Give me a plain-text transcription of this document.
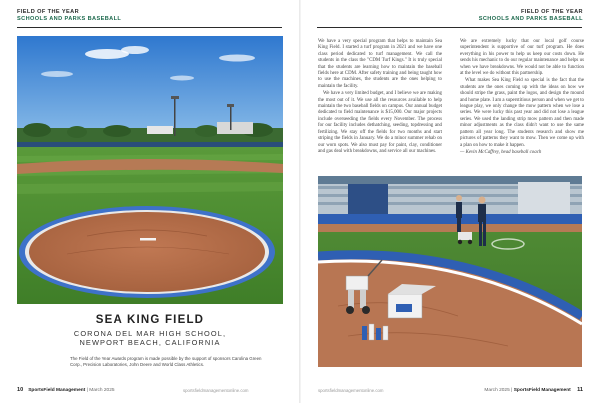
FIELD OF THE YEAR
SCHOOLS AND PARKS BASEBALL
SEA KING FIELD
CORONA DEL MAR HIGH SCHOOL,
NEWPORT BEACH, CALIFORNIA
The Field of the Year Awards program is made possible by the support of sponsors Carolina Green Corp., Precision Laboratories, John Deere and World Class Athletics.
10 SportsField Management | March 2025	sportsfieldmanagementonline.com
FIELD OF THE YEAR
SCHOOLS AND PARKS BASEBALL

We have a very special program that helps to maintain Sea King Field. I started a turf program in 2021 and we have one class period dedicated to turf management. We call the students in the class the "CDM Turf Kings." It is truly special that the students are learning how to maintain the baseball fields here at CDM. After safety training and being taught how to use the machines, the students are the ones helping to maintain the facility.

We have a very limited budget, and I believe we are making the most out of it. We use all the resources available to help maintain the two baseball fields on campus. Our annual budget dedicated to field maintenance is $15,000. Our major projects include overseeding the fields every November. The process for our facility includes dethatching, seeding, topdressing and fertilizing. We stay off the fields for two months and start striping the fields in January. We do a minor summer rehab on our worn spots. We also must pay for paint, clay, conditioner and gas deal with breakdowns, and service all our machines.

We are extremely lucky that our local golf course superintendent is supportive of our turf program. He does everything in his power to help us keep our costs down. He sends his mechanic to do our regular maintenance and helps us when we have breakdowns. We would not be able to function at the level we do without this partnership.

What makes Sea King Field so special is the fact that the students are the ones coming up with the ideas on how we should stripe the grass, paint the logos, and design the mound and home plate. I am a superstitious person and when we get to league play, we only change the mow pattern when we lose a series. We were lucky this past year and did not lose a league series. We used the landing strip mow pattern and then made minor adjustments as the class didn't want to use the same pattern all year long. The students research and show me pictures of patterns they want to mow. Then we come up with a plan on how to make it happen.

— Kevin McCaffrey, head baseball coach

sportsfieldmanagementonline.com	March 2025 | SportsField Management 11
